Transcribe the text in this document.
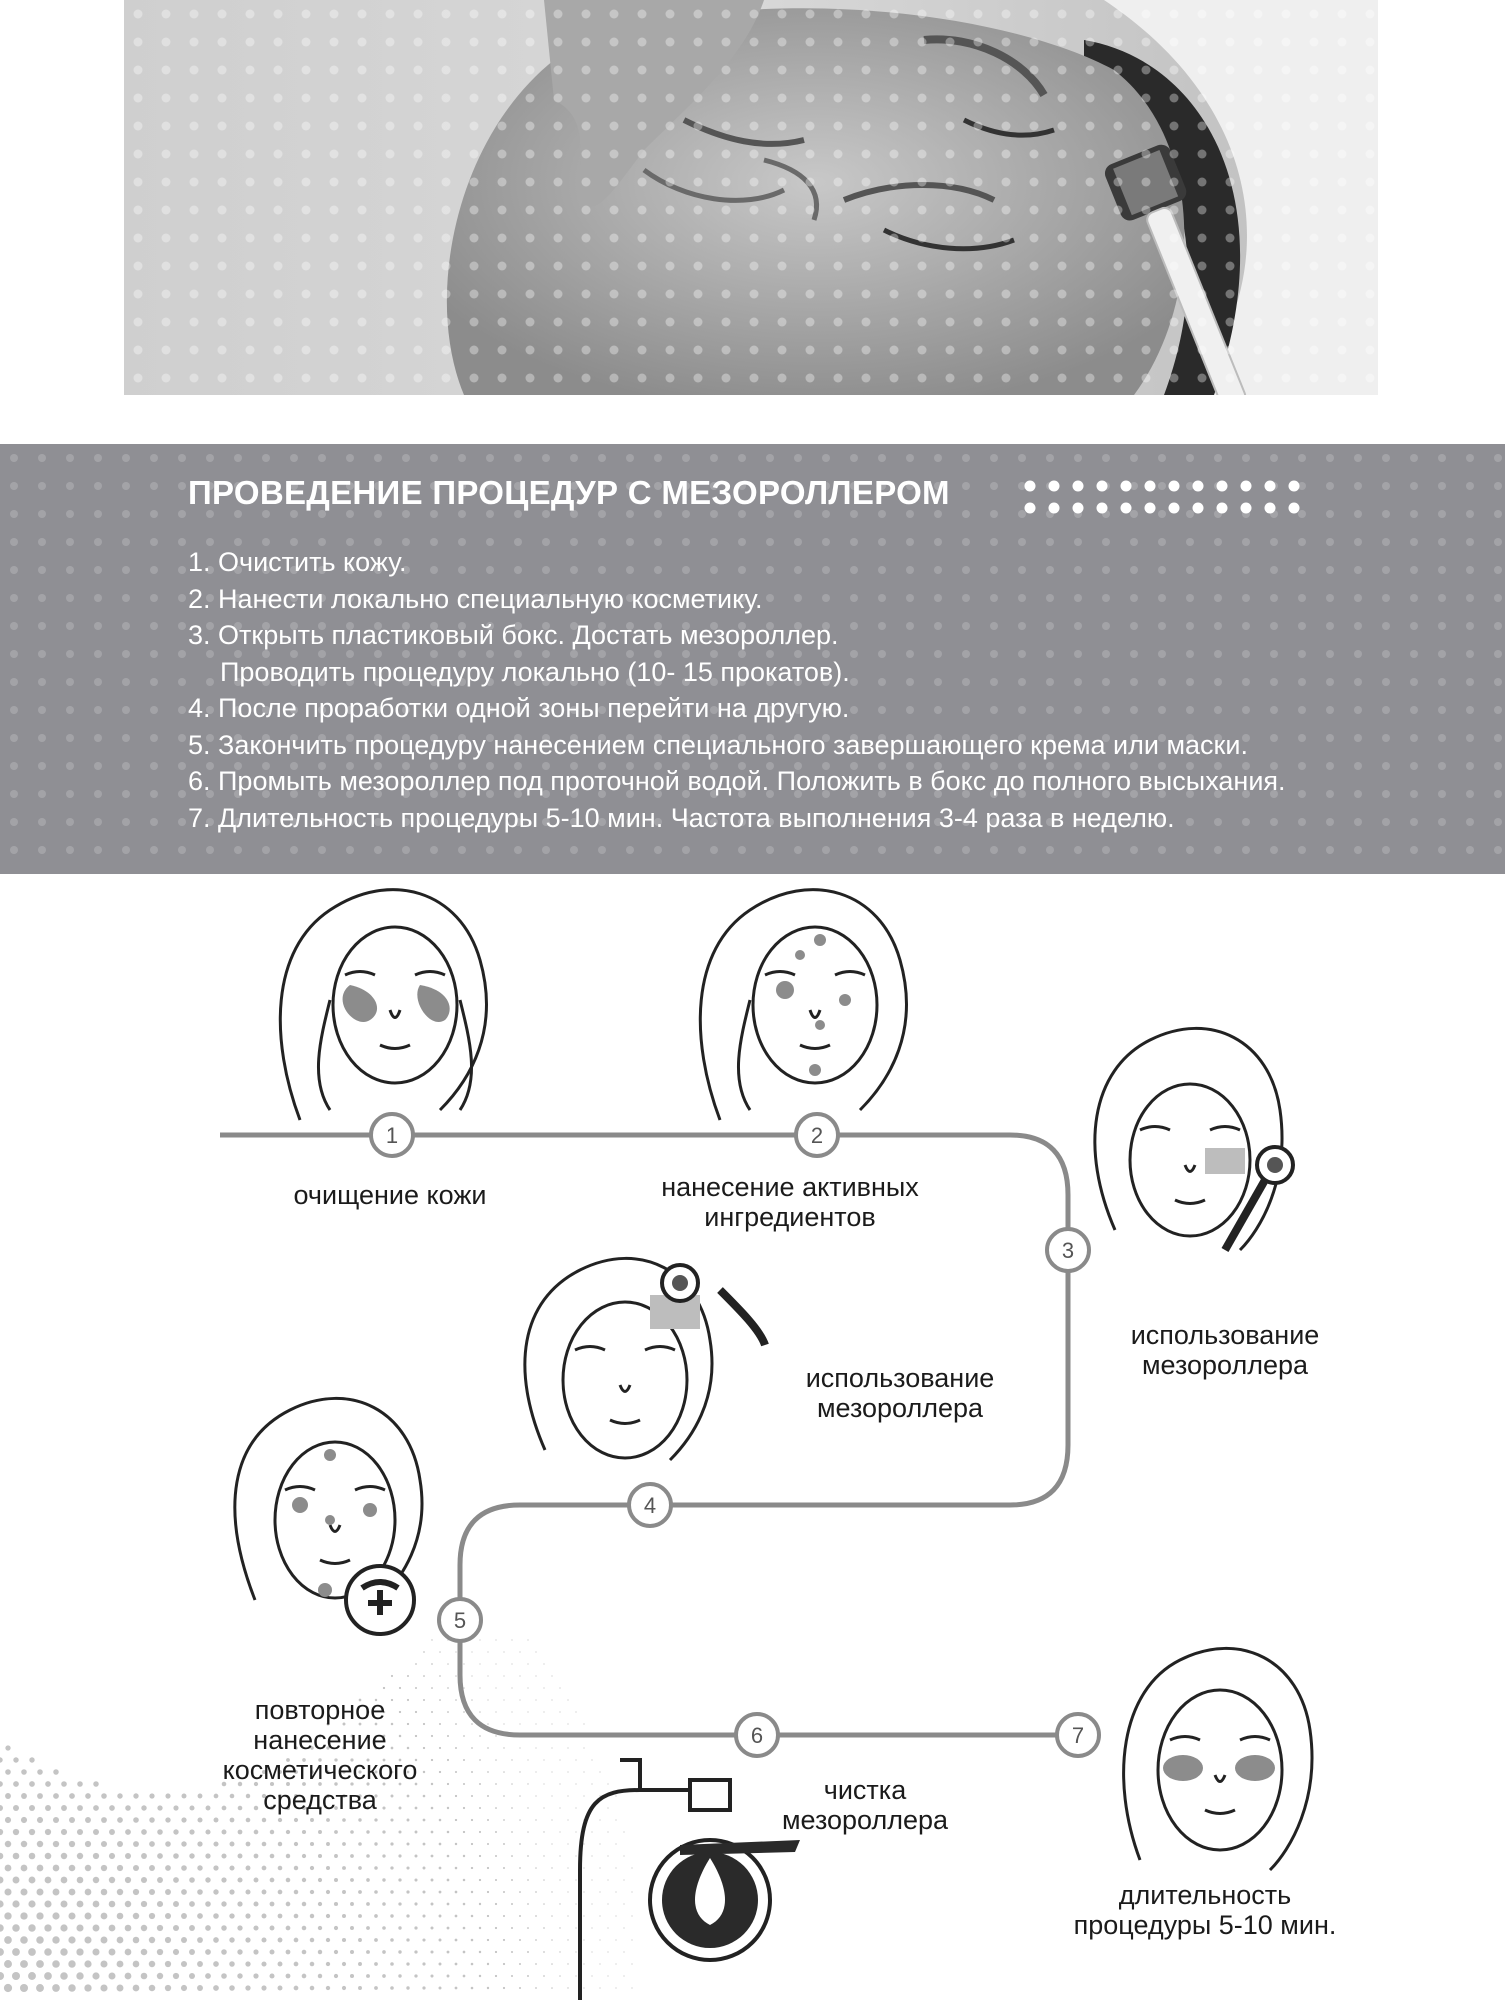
ПРОВЕДЕНИЕ ПРОЦЕДУР С МЕЗОРОЛЛЕРОМ
1. Очистить кожу.
2. Нанести локально специальную косметику.
3. Открыть пластиковый бокс. Достать мезороллер.
Проводить процедуру локально (10- 15 прокатов).
4. После проработки одной зоны перейти на другую.
5. Закончить процедуру нанесением специального завершающего крема или маски.
6. Промыть мезороллер под проточной водой. Положить в бокс до полного высыхания.
7. Длительность процедуры 5-10 мин. Частота выполнения 3-4 раза в неделю.
1	2
3
4
5
6	7
очищение кожи	нанесение активных
ингредиентов
использование
мезороллера
использование
мезороллера
повторное
нанесение
косметического
средства	чистка
мезороллера
длительность
процедуры 5-10 мин.
